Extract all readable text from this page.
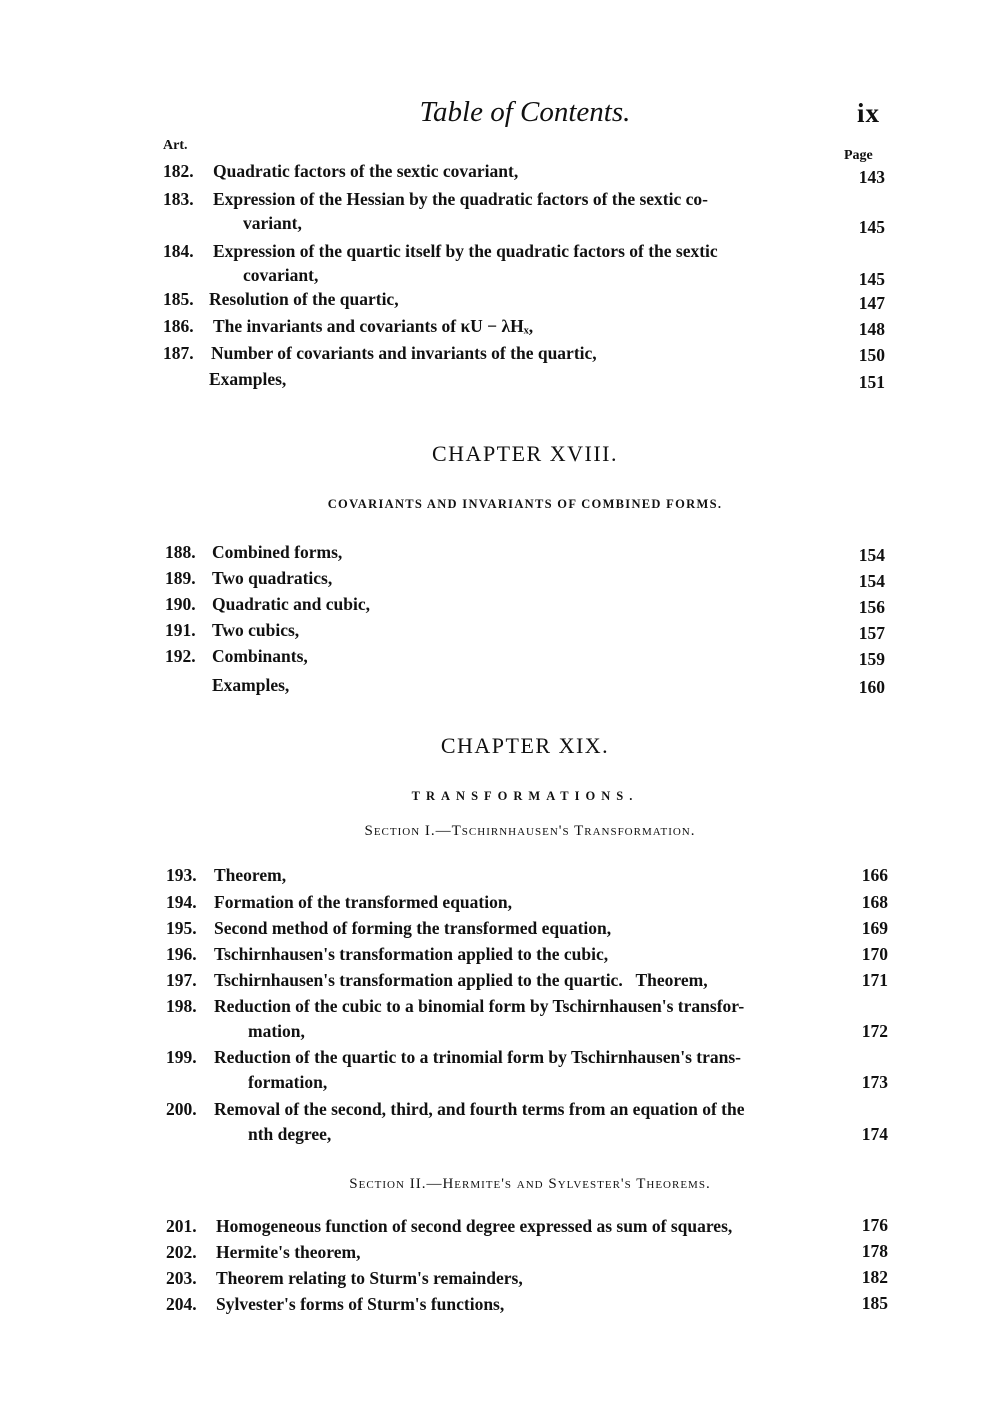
Table of Contents.	ix
Art.
Page
182. Quadratic factors of the sextic covariant,	143
183. Expression of the Hessian by the quadratic factors of the sextic co-
variant,	145
184. Expression of the quartic itself by the quadratic factors of the sextic
covariant,	145
185. Resolution of the quartic,	147
186. The invariants and covariants of κU − λHₓ,	148
187. Number of covariants and invariants of the quartic,	150
Examples,	151
CHAPTER XVIII.
COVARIANTS AND INVARIANTS OF COMBINED FORMS.
188. Combined forms,	154
189. Two quadratics,	154
190. Quadratic and cubic,	156
191. Two cubics,	157
192. Combinants,	159
Examples,	160
CHAPTER XIX.
TRANSFORMATIONS.
Section I.—Tschirnhausen's Transformation.
193. Theorem,	166
194. Formation of the transformed equation,	168
195. Second method of forming the transformed equation,	169
196. Tschirnhausen's transformation applied to the cubic,	170
197. Tschirnhausen's transformation applied to the quartic.   Theorem,	171
198. Reduction of the cubic to a binomial form by Tschirnhausen's transfor-
mation,	172
199. Reduction of the quartic to a trinomial form by Tschirnhausen's trans-
formation,	173
200. Removal of the second, third, and fourth terms from an equation of the
nth degree,	174
Section II.—Hermite's and Sylvester's Theorems.
201. Homogeneous function of second degree expressed as sum of squares,	176
202. Hermite's theorem,	178
203. Theorem relating to Sturm's remainders,	182
204. Sylvester's forms of Sturm's functions,	185
